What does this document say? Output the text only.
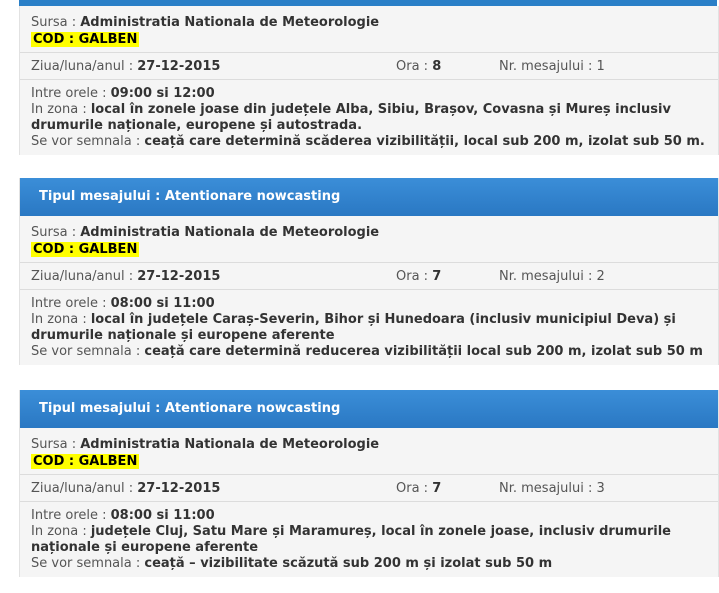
Sursa : Administratia Nationala de Meteorologie
COD : GALBEN
Ziua/luna/anul : 27-12-2015	Ora : 8	Nr. mesajului : 1
Intre orele : 09:00 si 12:00
In zona : local în zonele joase din județele Alba, Sibiu, Brașov, Covasna și Mureș inclusiv drumurile naționale, europene și autostrada.
Se vor semnala : ceață care determină scăderea vizibilității, local sub 200 m, izolat sub 50 m.
Tipul mesajului : Atentionare nowcasting
Sursa : Administratia Nationala de Meteorologie
COD : GALBEN
Ziua/luna/anul : 27-12-2015	Ora : 7	Nr. mesajului : 2
Intre orele : 08:00 si 11:00
In zona : local în județele Caraș-Severin, Bihor și Hunedoara (inclusiv municipiul Deva) și drumurile naționale și europene aferente
Se vor semnala : ceață care determină reducerea vizibilității local sub 200 m, izolat sub 50 m
Tipul mesajului : Atentionare nowcasting
Sursa : Administratia Nationala de Meteorologie
COD : GALBEN
Ziua/luna/anul : 27-12-2015	Ora : 7	Nr. mesajului : 3
Intre orele : 08:00 si 11:00
In zona : județele Cluj, Satu Mare și Maramureș, local în zonele joase, inclusiv drumurile naționale și europene aferente
Se vor semnala : ceață – vizibilitate scăzută sub 200 m și izolat sub 50 m
